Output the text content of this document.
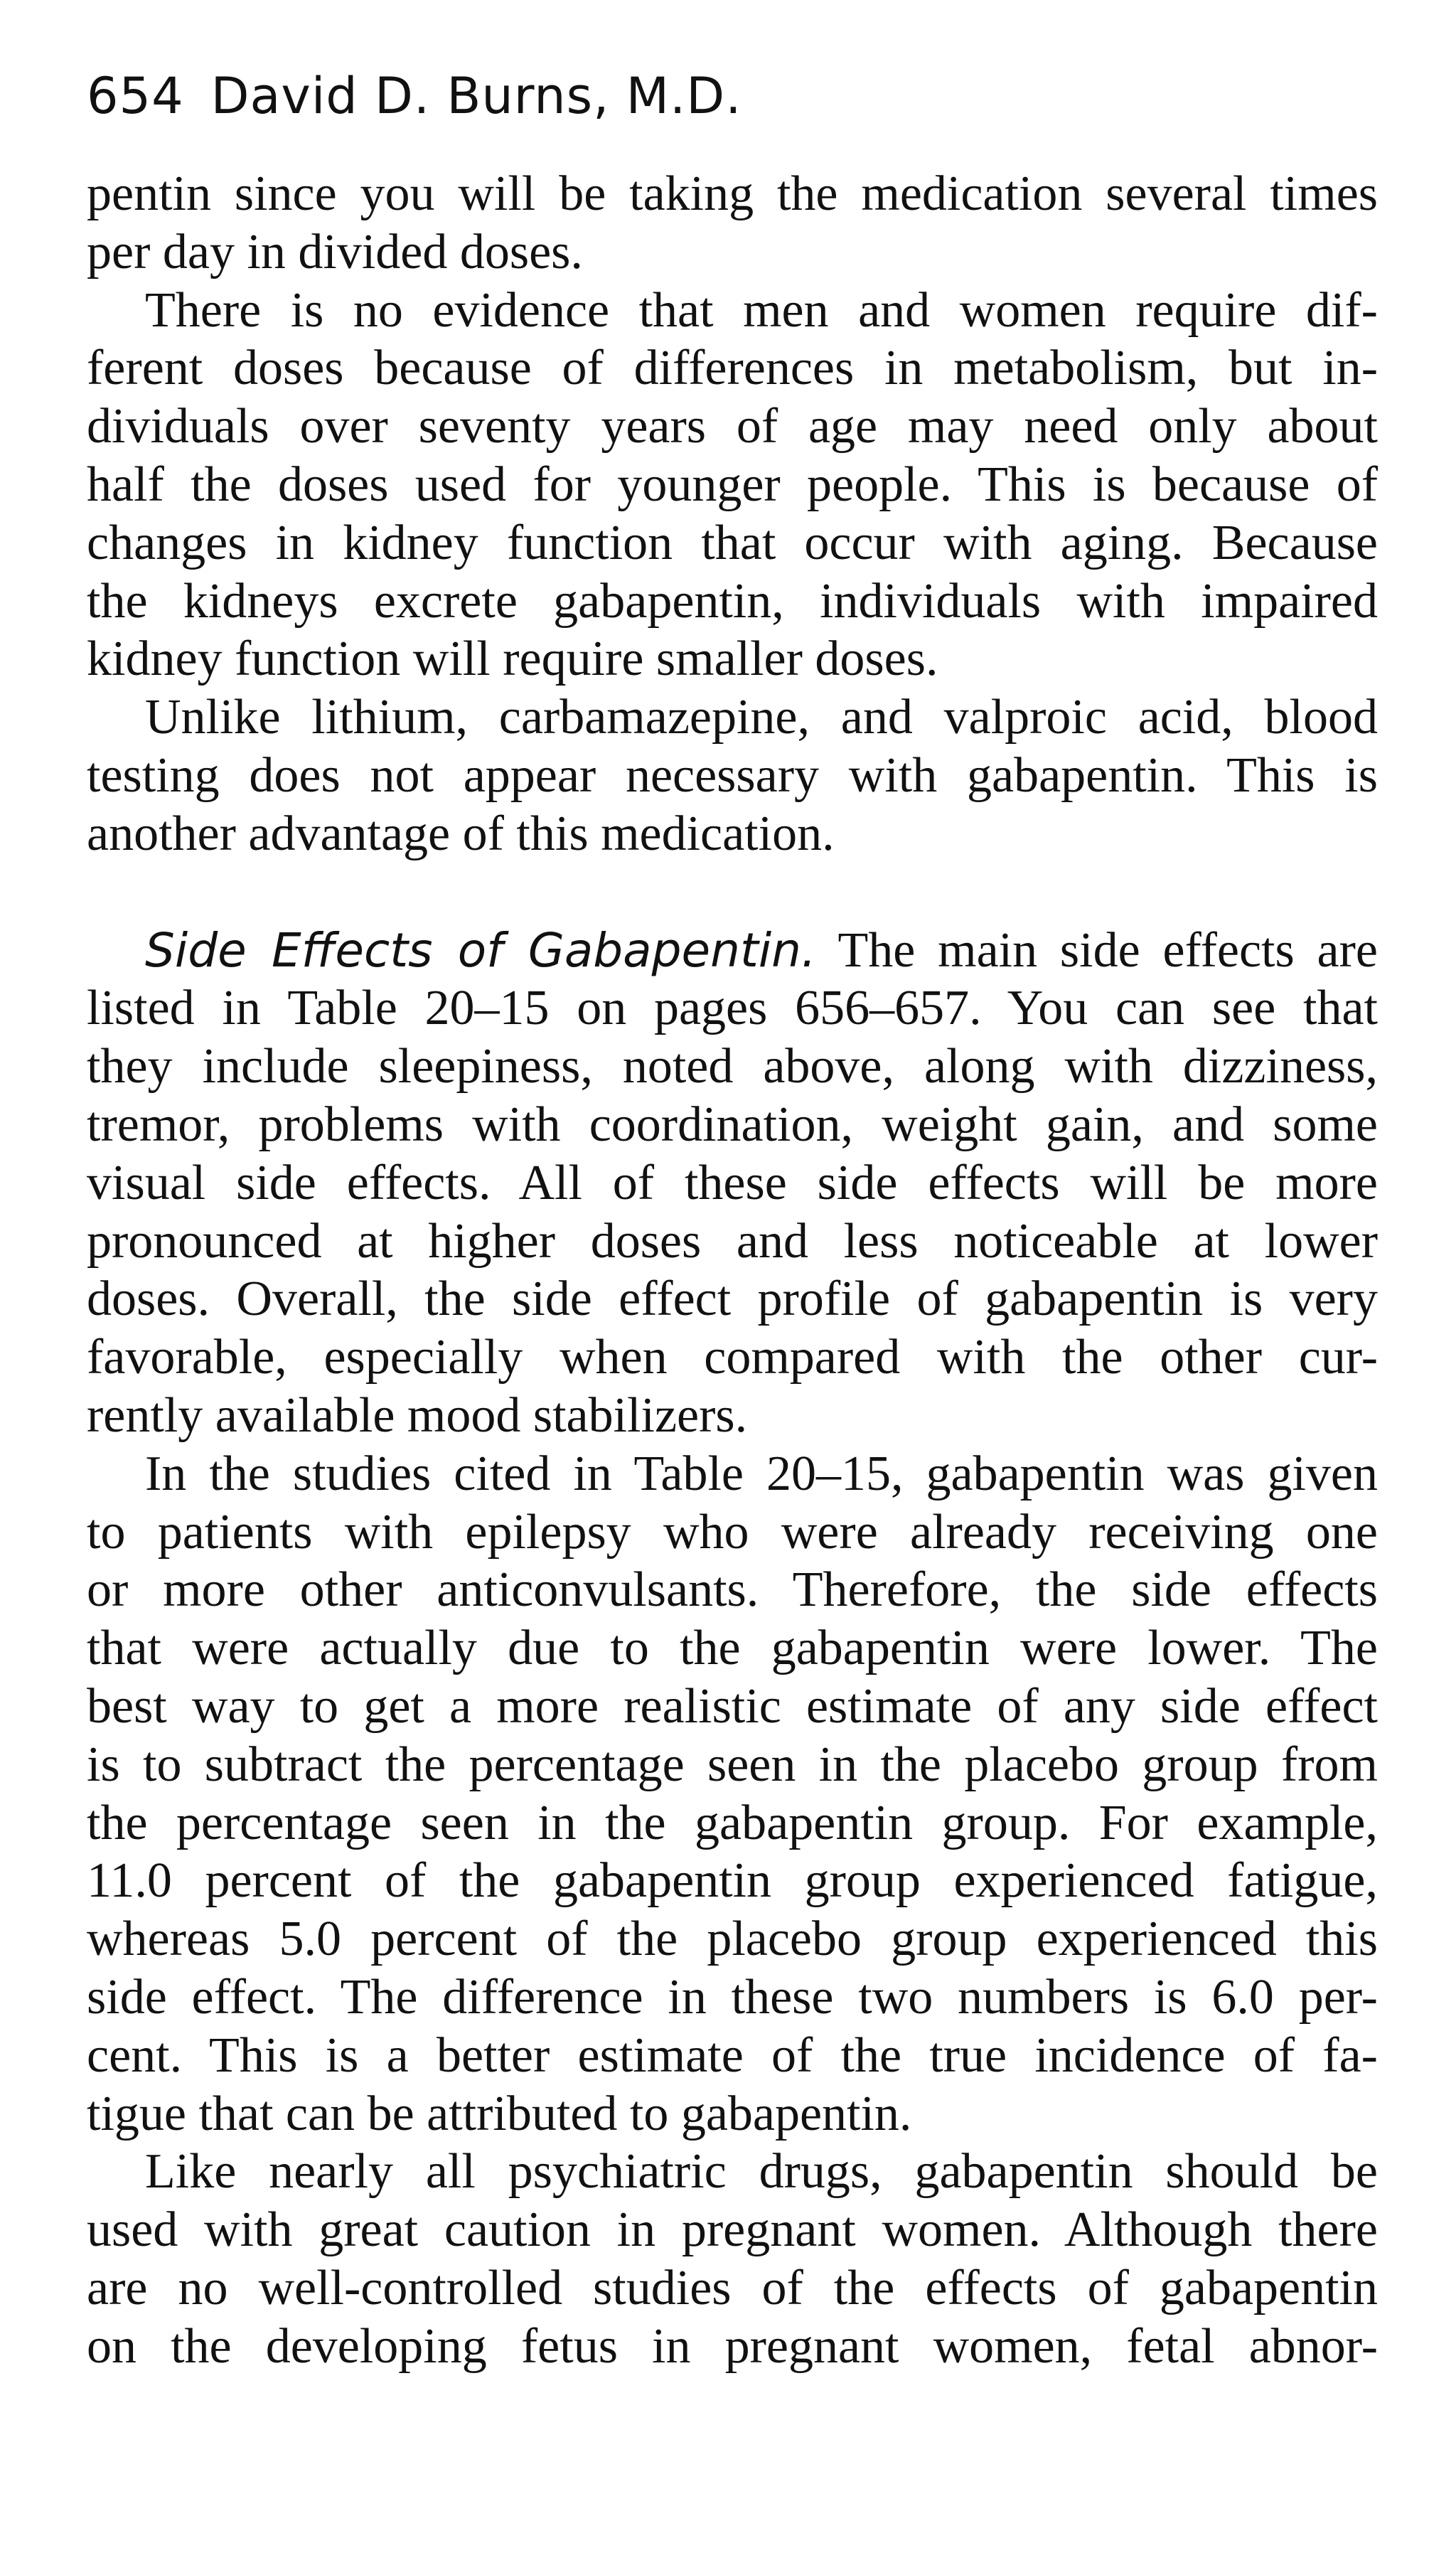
654 David D. Burns, M.D.

pentin since you will be taking the medication several times
per day in divided doses.

There is no evidence that men and women require dif-
ferent doses because of differences in metabolism, but in-
dividuals over seventy years of age may need only about
half the doses used for younger people. This is because of
changes in kidney function that occur with aging. Because
the kidneys excrete gabapentin, individuals with impaired
kidney function will require smaller doses.

Unlike lithium, carbamazepine, and valproic acid, blood
testing does not appear necessary with gabapentin. This is
another advantage of this medication.

Side Effects of Gabapentin. The main side effects are
listed in Table 20–15 on pages 656–657. You can see that
they include sleepiness, noted above, along with dizziness,
tremor, problems with coordination, weight gain, and some
visual side effects. All of these side effects will be more
pronounced at higher doses and less noticeable at lower
doses. Overall, the side effect profile of gabapentin is very
favorable, especially when compared with the other cur-
rently available mood stabilizers.

In the studies cited in Table 20–15, gabapentin was given
to patients with epilepsy who were already receiving one
or more other anticonvulsants. Therefore, the side effects
that were actually due to the gabapentin were lower. The
best way to get a more realistic estimate of any side effect
is to subtract the percentage seen in the placebo group from
the percentage seen in the gabapentin group. For example,
11.0 percent of the gabapentin group experienced fatigue,
whereas 5.0 percent of the placebo group experienced this
side effect. The difference in these two numbers is 6.0 per-
cent. This is a better estimate of the true incidence of fa-
tigue that can be attributed to gabapentin.

Like nearly all psychiatric drugs, gabapentin should be
used with great caution in pregnant women. Although there
are no well-controlled studies of the effects of gabapentin
on the developing fetus in pregnant women, fetal abnor-
